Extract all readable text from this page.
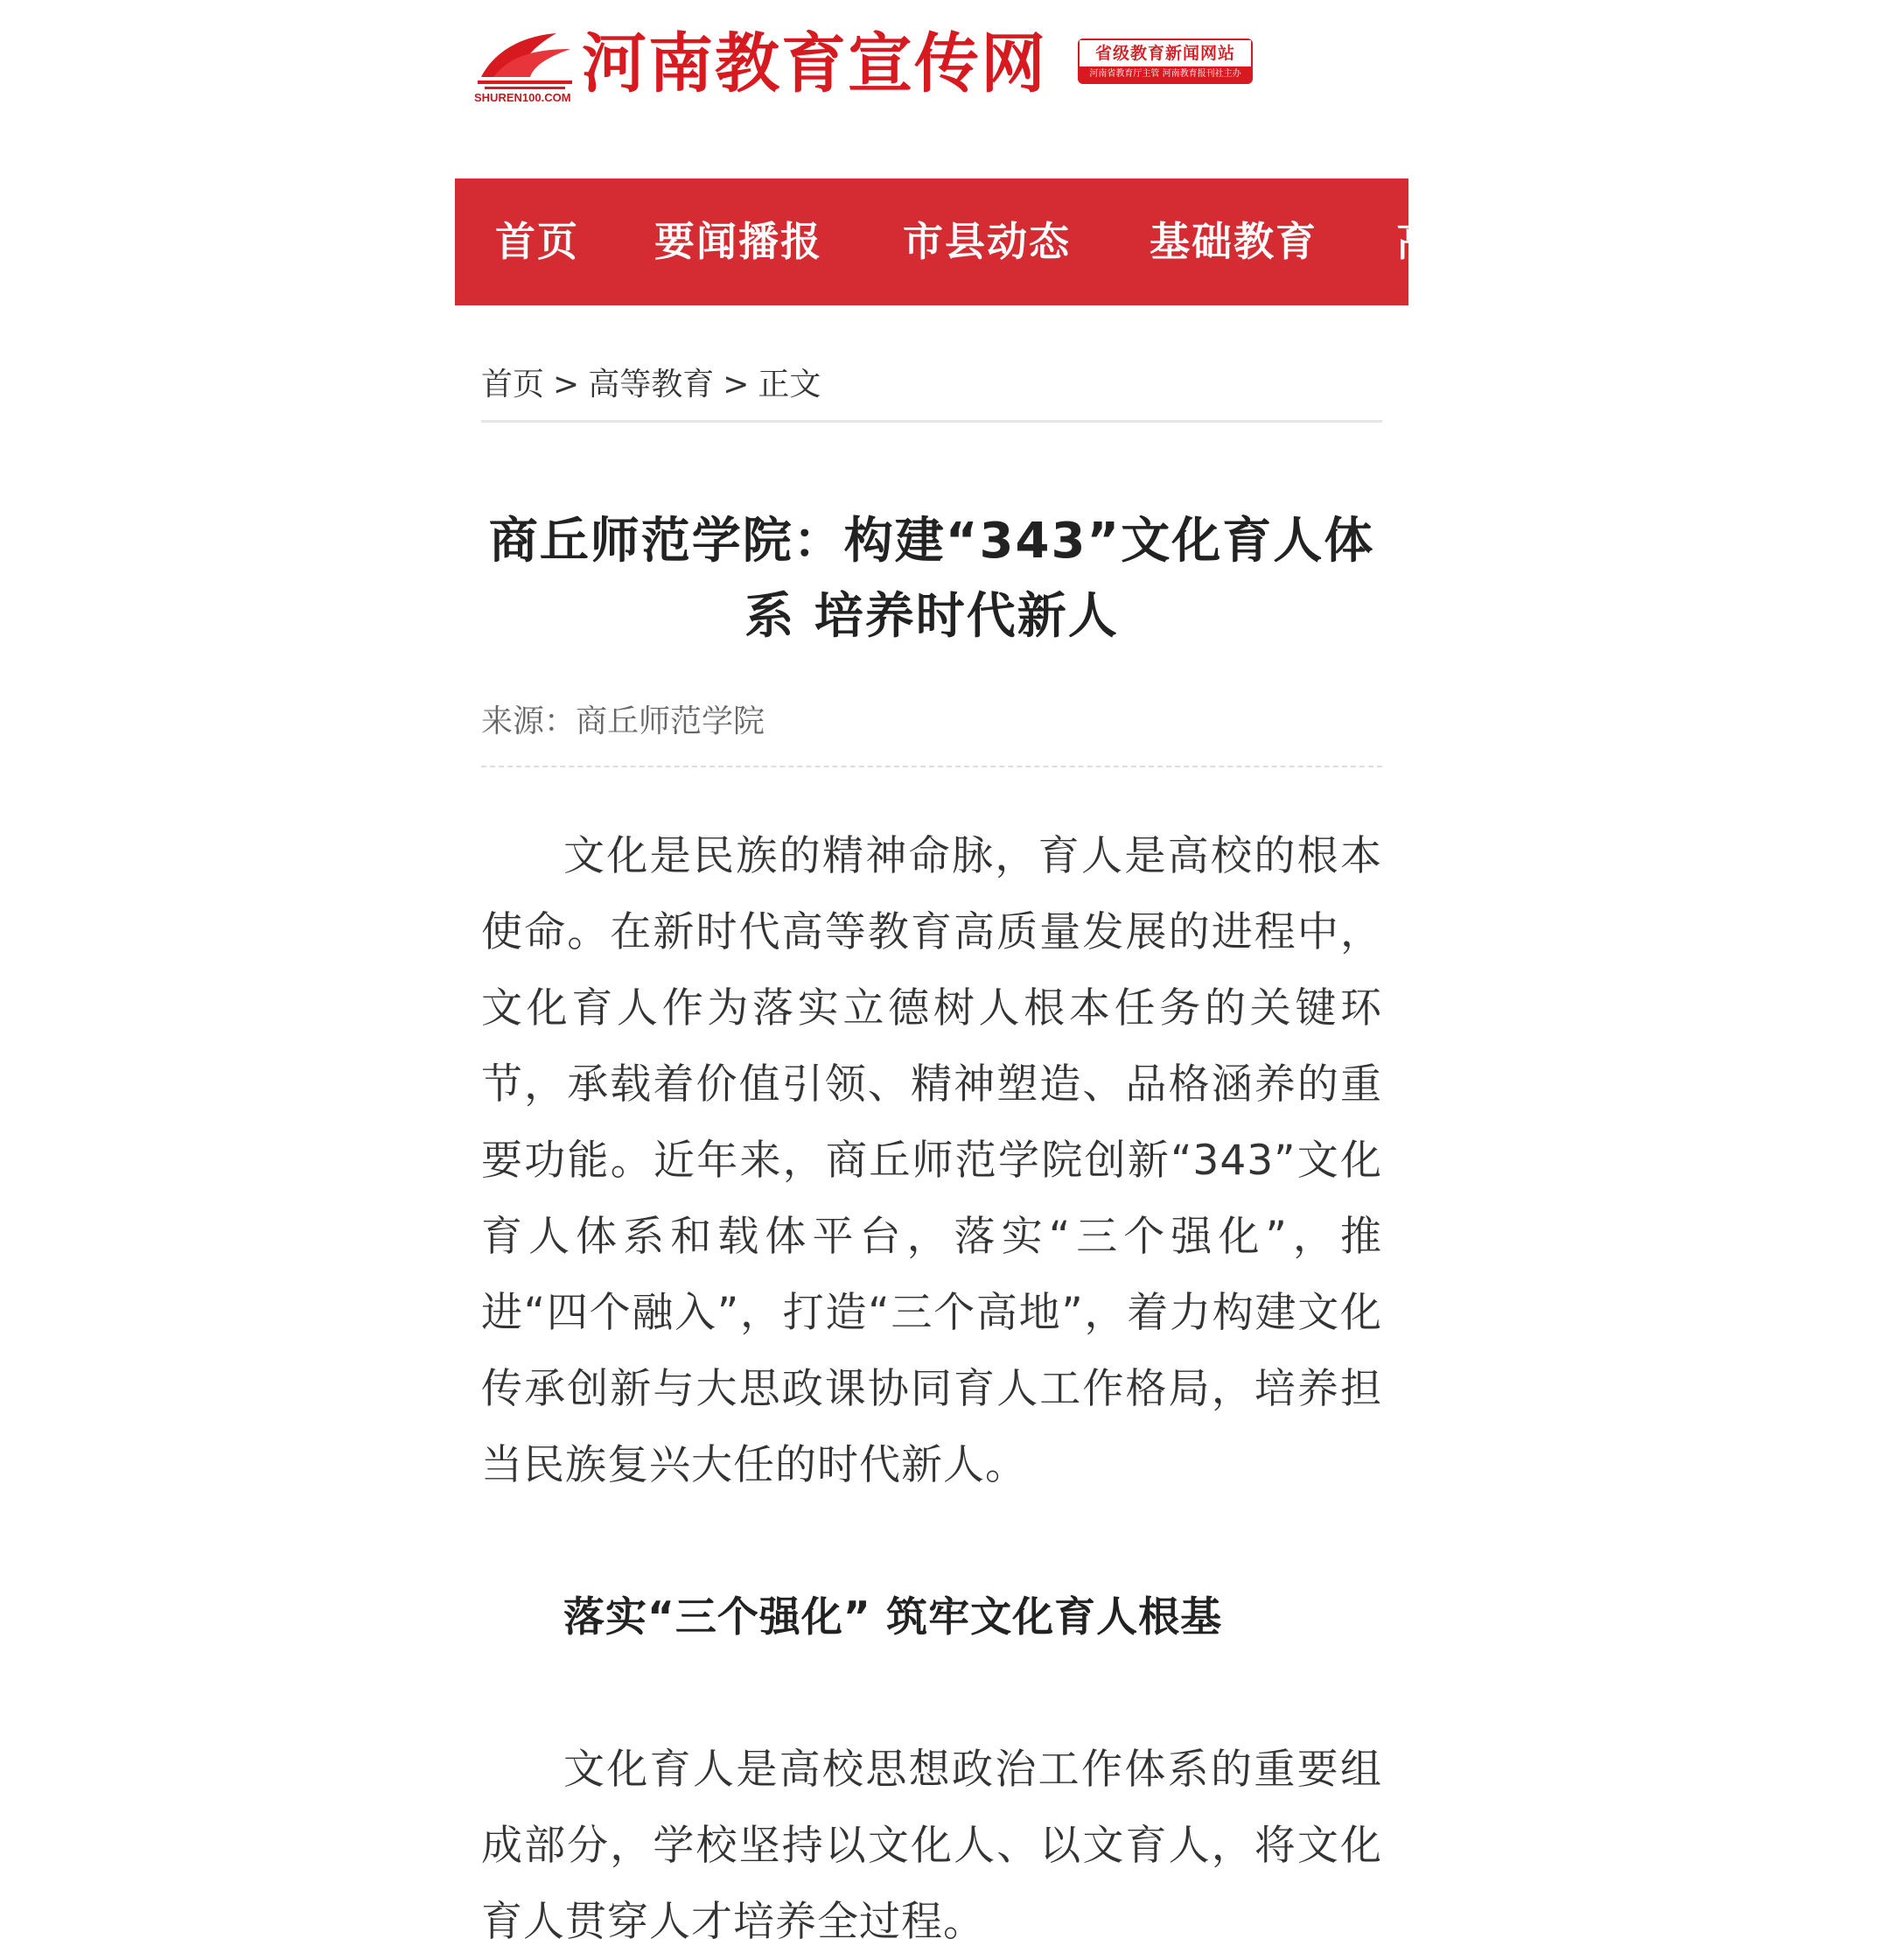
SHUREN100.COM 河南教育宣传网	省级教育新闻网站
河南省教育厅主管 河南教育报刊社主办
首页 要闻播报 市县动态 基础教育 高
首页 > 高等教育 > 正文
商丘师范学院：构建“343”文化育人体系 培养时代新人
来源：商丘师范学院

文化是民族的精神命脉，育人是高校的根本使命。在新时代高等教育高质量发展的进程中，文化育人作为落实立德树人根本任务的关键环节，承载着价值引领、精神塑造、品格涵养的重要功能。近年来，商丘师范学院创新“343”文化育人体系和载体平台，落实“三个强化”，推进“四个融入”，打造“三个高地”，着力构建文化传承创新与大思政课协同育人工作格局，培养担当民族复兴大任的时代新人。

落实“三个强化” 筑牢文化育人根基

文化育人是高校思想政治工作体系的重要组成部分，学校坚持以文化人、以文育人，将文化育人贯穿人才培养全过程。
